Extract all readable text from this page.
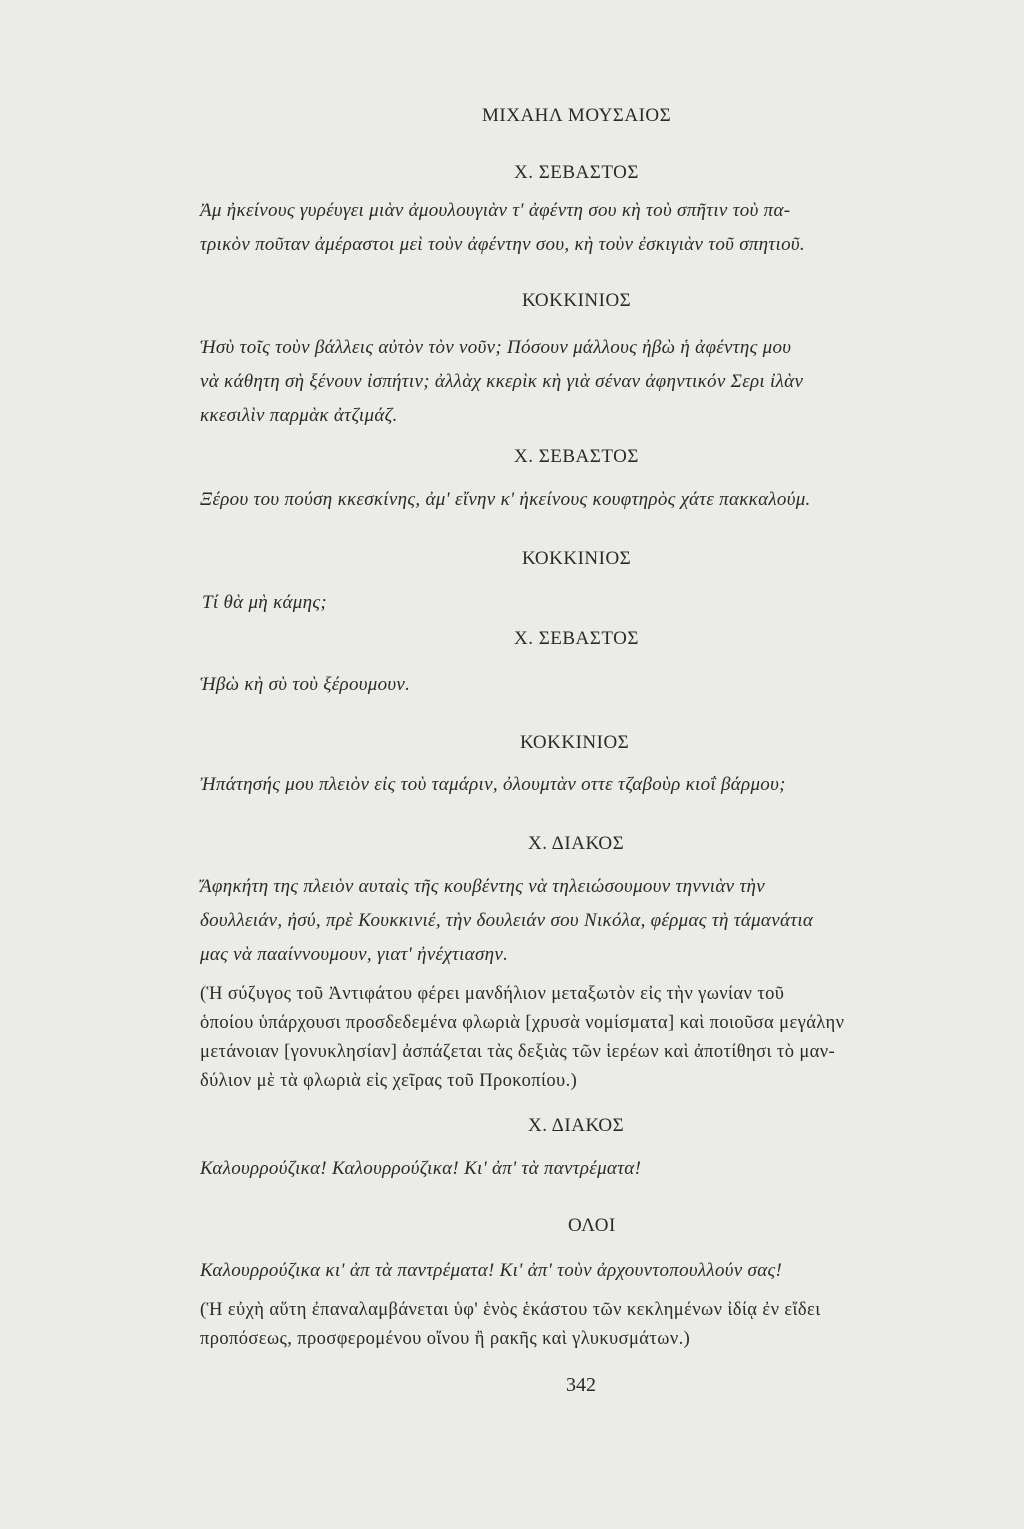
ΜΙΧΑΗΛ ΜΟΥΣΑΙΟΣ
Χ. ΣΕΒΑΣΤΟΣ
Ἀμ ἠκείνους γυρέυγει μιὰν ἀμουλουγιὰν τ' ἀφέντη σου κὴ τοὺ σπῆτιν τοὺ πα-
τρικὸν ποῦταν ἀμέραστοι μεὶ τοὺν ἀφέντην σου, κὴ τοὺν ἐσκιγιὰν τοῦ σπητιοῦ.
ΚΟΚΚΙΝΙΟΣ
Ἡσὺ τοῖς τοὺν βάλλεις αὐτὸν τὸν νοῦν; Πόσουν μάλλους ἠβὼ ἡ ἀφέντης μου
νὰ κάθητη σὴ ξένουν ἰσπήτιν; ἀλλὰχ κκερὶκ κὴ γιὰ σέναν ἀφηντικόν Σερι ἰλὰν
κκεσιλὶν παρμὰκ ἀτζιμάζ.
Χ. ΣΕΒΑΣΤΟΣ
Ξέρου του πούση κκεσκίνης, ἀμ' εἴνην κ' ἠκείνους κουφτηρὸς χάτε πακκαλούμ.
ΚΟΚΚΙΝΙΟΣ
Τί θὰ μὴ κάμης;
Χ. ΣΕΒΑΣΤΟΣ
Ἡβὼ κὴ σὺ τοὺ ξέρουμουν.
ΚΟΚΚΙΝΙΟΣ
Ἠπάτησής μου πλειὸν εἰς τοὺ ταμάριν, ὀλουμτὰν οττε τζαβοὺρ κιοΐ βάρμου;
Χ. ΔΙΑΚΟΣ
Ἄφηκήτη της πλειὸν αυταὶς τῆς κουβέντης νὰ τηλειώσουμουν τηννιὰν τὴν
δουλλειάν, ἠσύ, πρὲ Κουκκινιέ, τὴν δουλειάν σου Νικόλα, φέρμας τὴ τάμανάτια
μας νὰ πααίννουμουν, γιατ' ἠνέχτιασην.
(Ἡ σύζυγος τοῦ Ἀντιφάτου φέρει μανδήλιον μεταξωτὸν εἰς τὴν γωνίαν τοῦ
ὁποίου ὑπάρχουσι προσδεδεμένα φλωριὰ [χρυσὰ νομίσματα] καὶ ποιοῦσα μεγάλην
μετάνοιαν [γονυκλησίαν] ἀσπάζεται τὰς δεξιὰς τῶν ἱερέων καὶ ἀποτίθησι τὸ μαν-
δύλιον μὲ τὰ φλωριὰ εἰς χεῖρας τοῦ Προκοπίου.)
Χ. ΔΙΑΚΟΣ
Καλουρρούζικα! Καλουρρούζικα! Κι' ἀπ' τὰ παντρέματα!
ΟΛΟΙ
Καλουρρούζικα κι' ἀπ τὰ παντρέματα! Κι' ἀπ' τοὺν ἀρχουντοπουλλούν σας!
(Ἡ εὐχὴ αὕτη ἐπαναλαμβάνεται ὑφ' ἑνὸς ἑκάστου τῶν κεκλημένων ἰδίᾳ ἐν εἴδει
προπόσεως, προσφερομένου οἴνου ἢ ρακῆς καὶ γλυκυσμάτων.)
342
